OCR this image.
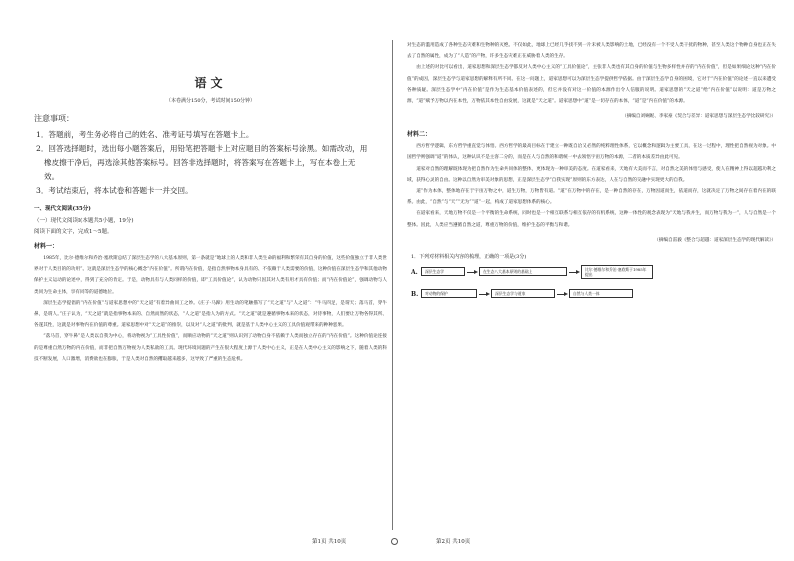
语文
（本卷满分150分，考试时间150分钟）
注意事项：

1．答题前，考生务必将自己的姓名、准考证号填写在答题卡上。

2．回答选择题时，选出每小题答案后，用铅笔把答题卡上对应题目的答案标号涂黑。如需改动，用

橡皮擦干净后，再选涂其他答案标号。回答非选择题时，将答案写在答题卡上，写在本卷上无

效。

3．考试结束后，将本试卷和答题卡一并交回。

一、现代文阅读(35分)

（一）现代文阅读I(本题共5小题，19分)

阅读下面的文字，完成1～5题。

材料一：

1985年，比尔·德维尔和乔治·塞欣斯总结了深层生态学的八大基本原则，第一条就是“地球上的人类和非人类生命的福利和繁荣有其自身的价值，这些价值独立于非人类世界对于人类目的的功用”。这就是深层生态学的核心概念“内在价值”。所谓内在价值，是指自然事物本身具有的、不依赖于人类需要的价值，这种价值在深层生态学和其他动物保护主义运动的论述中，得到了充分的肯定。于是，动物具有与人类同样的价值，即“工具价值论”，认为动物只因其对人类有用才具有价值；而“内在价值论”，强调动物与人类同为生命主体，享有同等的道德地位。

深层生态学提倡的“内在价值”与道家思想中的“天之道”有着异曲同工之妙。《庄子·马蹄》用生动的笔触描写了“天之道”与“人之道”：“牛马四足，是谓天；落马首，穿牛鼻，是谓人。”庄子认为，“天之道”就是指事物本来的、自然而然的状态，“人之道”是指人为的方式。“天之道”就是遵循事物本来的状态，对待事物，人们要让万物各得其所、各遂其性，这就是对事物内在价值的尊重。道家思想中对“天之道”的推崇，以及对“人之道”的批判，就是基于人类中心主义的工具价值观带来的种种恶果。

“落马首，穿牛鼻”是人类以自我为中心，将动物视为“工具性价值”，而顺应动物的“天之道”则认识到了动物自身不依赖于人类而独立存在的“内在价值”。这种价值论连接的是尊重自然万物的内在价值，而非把自然万物视为人类私欲的工具。现代环境问题的产生在很大程度上源于人类中心主义，正是在人类中心主义的影响之下，随着人类的科技不断发展，人口激增，消费欲也在膨胀，于是人类对自然的攫取越来越多，这导致了严重的生态危机。

对生态的滥用造成了各种生态灾难和生物种的灭绝。不仅如此，地球上已经几乎找不到一片未被人类影响的土地，已经没有一个不受人类干扰的物种，甚至人类这个物种自身也正在失去了自然的属性，成为了“人造”的产物，许多生态灾难正在威胁着人类的生存。

由上述的对比可以看出，道家思想和深层生态学都反对人类中心主义的“工具价值论”，主张非人类也有其自身的价值与生物多样性并存的“内在价值”，但是如果细论这种“内在价值”的成因，深层生态学与道家思想的解释有所不同。在这一问题上，道家思想可以为深层生态学提供哲学依据。由于深层生态学自身的困境，它对于“内在价值”的论述一直以来遭受各种质疑。深层生态学中“内在价值”是作为生态基本价值表述的，但它并没有对这一价值的本源作出令人信服的说明。道家思想的“天之道”给“内在价值”以说明：道是万物之源，“道”赋予万物以内在本性，万物依其本性自由发展，这就是“天之道”。道家思想中“道”是一切存在的本体，“道”是“内在价值”的本源。

（摘编自刘娴妮、李家豪《契合与差异：道家思想与深层生态学比较研究》）
材料二：

西方哲学逻辑，东方哲学重直觉与体悟。西方哲学的最高目标在于建立一种既自洽又必然的纯粹理性体系，它以概念和逻辑为主要工具，在这一过程中，理性把自然视为对象。中国哲学则强调“道”的体认，这种认识不是主客二分的，而是在人与自然的和谐统一中去领悟宇宙万物的本源，二者的本质差异由此可见。

道家对自然的理解既体现为把自然作为生命共同体的整体，更体现为一种审美的态度。在道家看来，天地有大美而不言，对自然之美的体悟与感受，使人在精神上得以超越功利之域，获得心灵的自由。这种以自然为审美对象的思想，正是深层生态学“自我实现”原则的东方表达，人在与自然的交融中实现更大的自我。

道”作为本体，整体地存在于宇宙万物之中，道生万物，万物皆有道。“道”在万物中的存在，是一种自然的存在，万物因道而生，依道而存，这就决定了万物之间存在着内在的联系。由此，“自然”与“天”“无为”“道”一起，构成了道家思想体系的核心。

在道家看来，天地万物不仅是一个平衡的生命系统，同时也是一个相互联系与相互依存的有机系统，这种一体性的观念表现为“天地与我并生，而万物与我为一”，人与自然是一个整体。因此，人类应当遵循自然之道，尊重万物的价值，维护生态的平衡与和谐。

（摘编自雷毅《整合与超越：道家深层生态学的现代解读》）
1．下列对材料相关内容的梳理，正确的一项是(3分)
A.	深层生态学	在生态八大基本原则的基础上	比尔·德维尔和乔治·塞欣斯于1985年提出
B.	对动物的保护	深层生态学与道家	自然与人类一体
第1页 共10页	第2页 共10页
